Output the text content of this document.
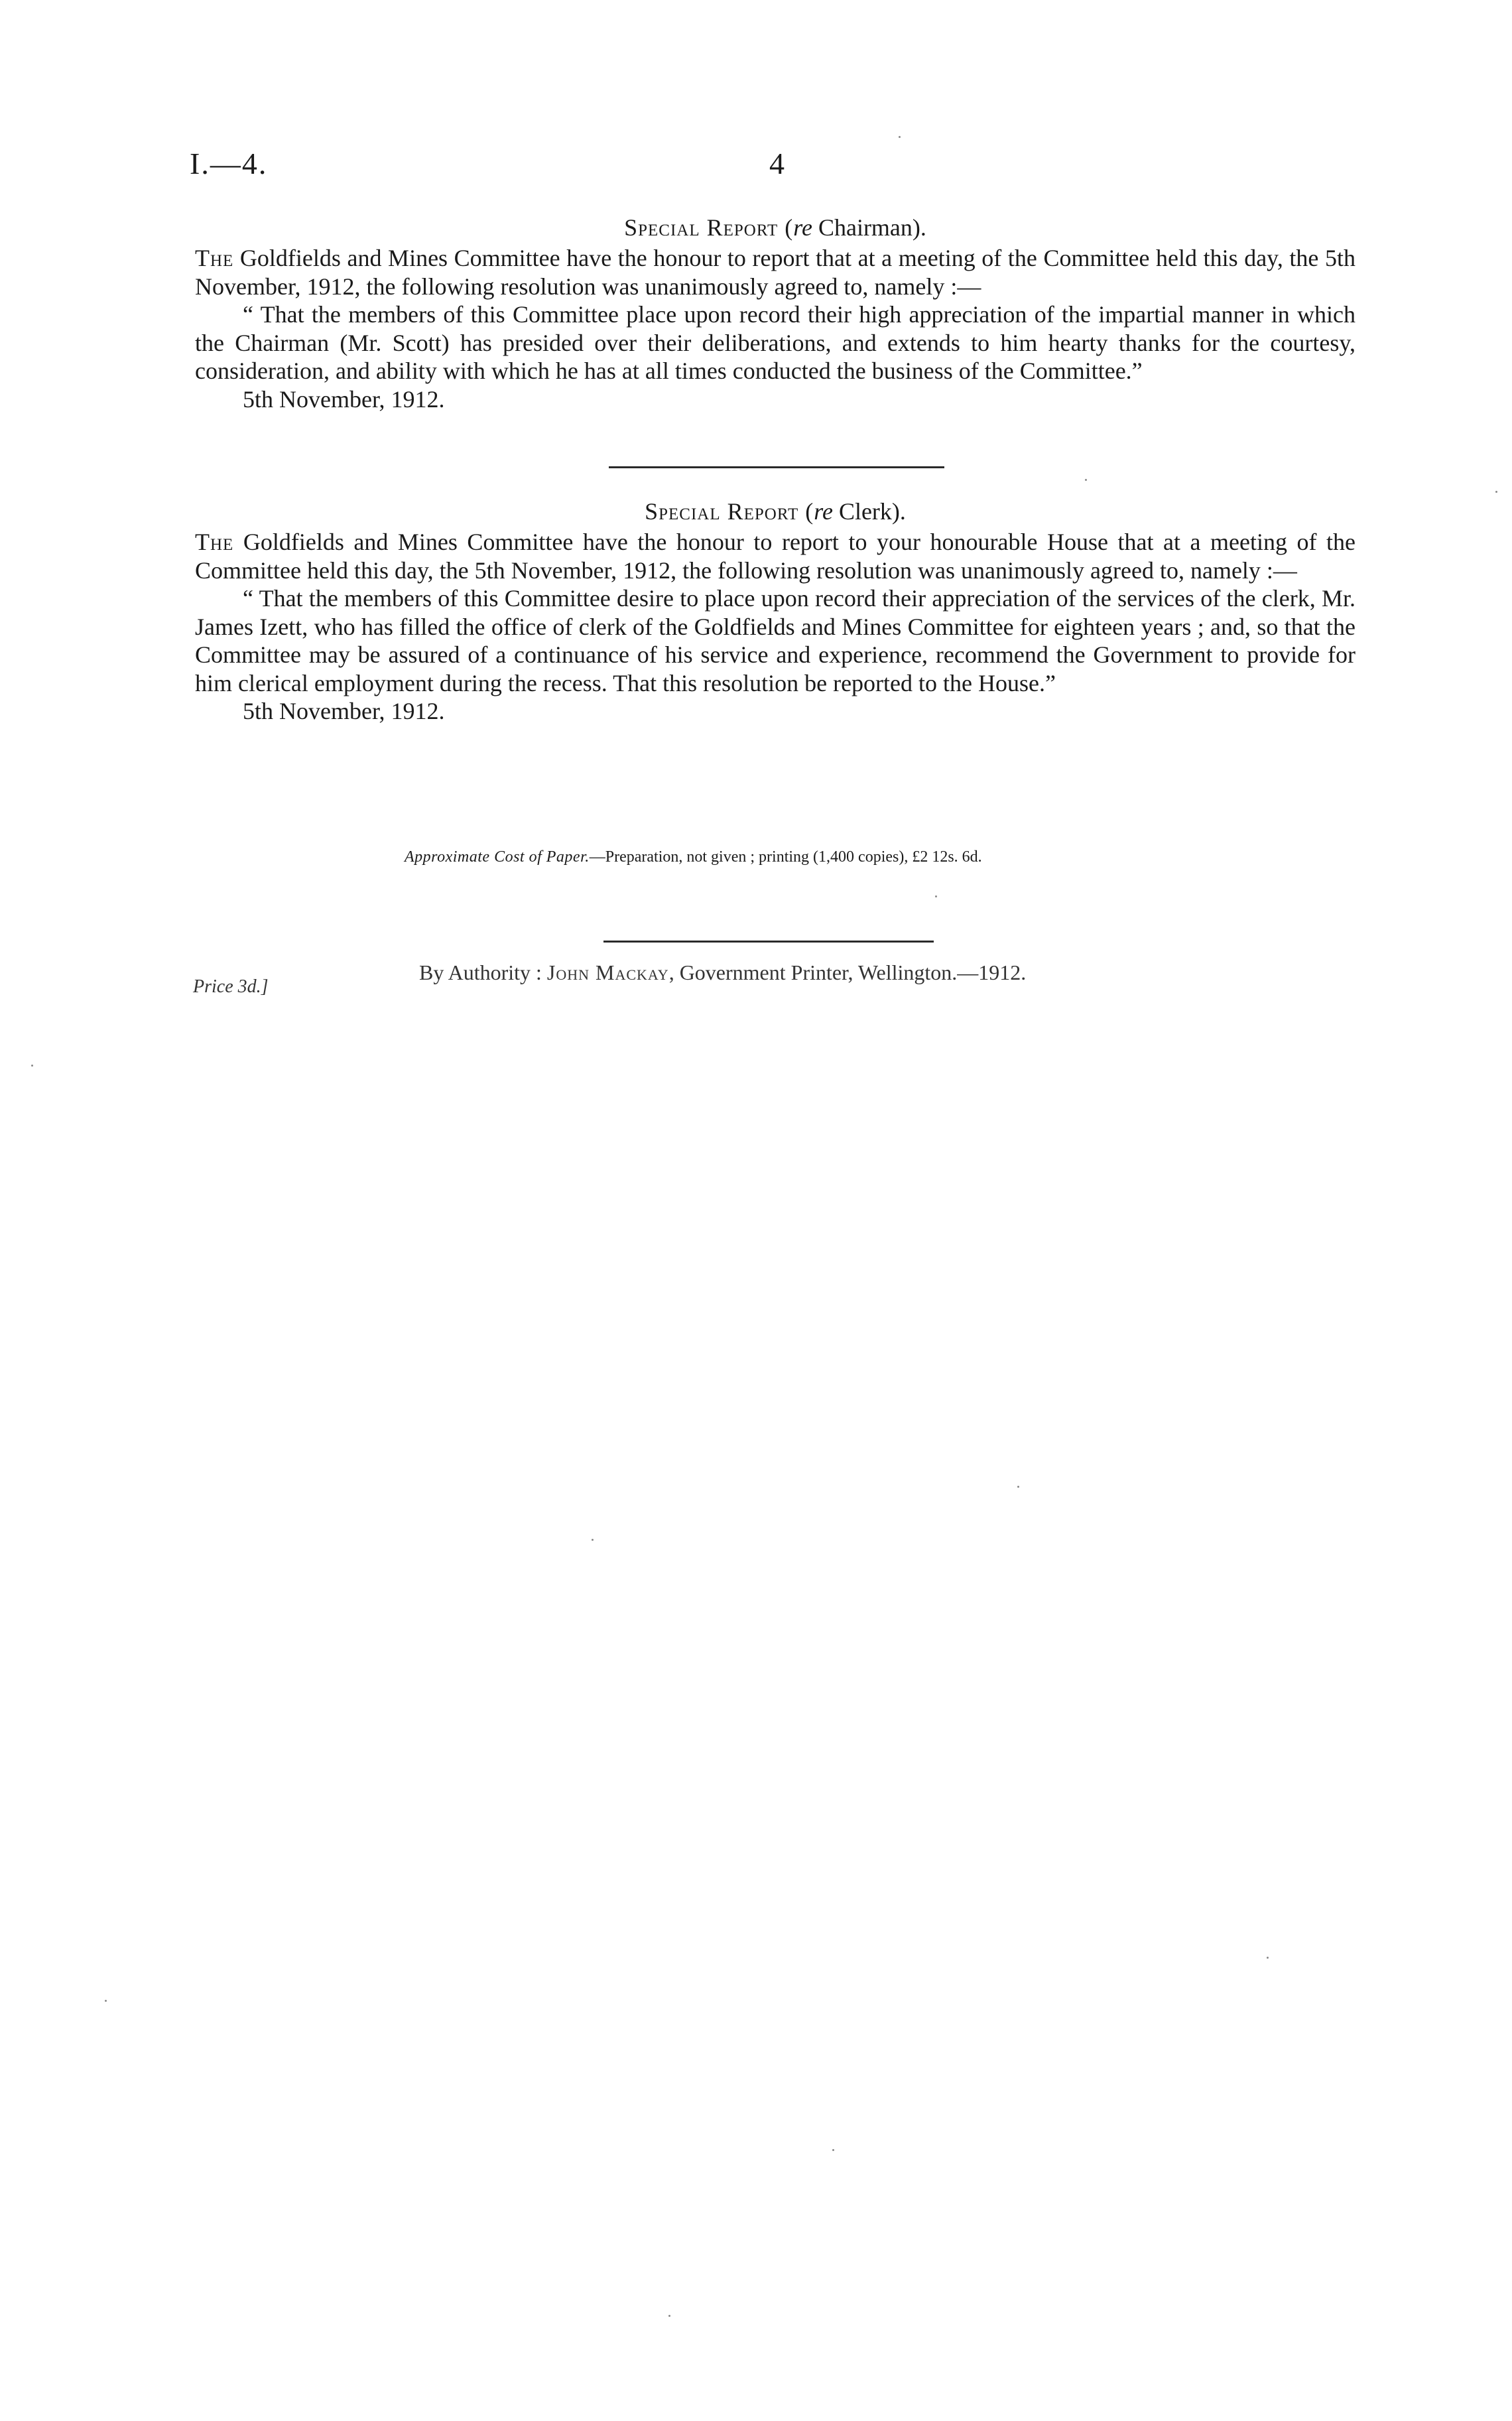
I.—4.	4
Special Report (re Chairman).

The Goldfields and Mines Committee have the honour to report that at a meeting of the Committee held this day, the 5th November, 1912, the following resolution was unanimously agreed to, namely :—

“ That the members of this Committee place upon record their high appreciation of the impartial manner in which the Chairman (Mr. Scott) has presided over their deliberations, and extends to him hearty thanks for the courtesy, consideration, and ability with which he has at all times conducted the business of the Committee.”

5th November, 1912.

Special Report (re Clerk).

The Goldfields and Mines Committee have the honour to report to your honourable House that at a meeting of the Committee held this day, the 5th November, 1912, the following resolution was unanimously agreed to, namely :—

“ That the members of this Committee desire to place upon record their appreciation of the services of the clerk, Mr. James Izett, who has filled the office of clerk of the Goldfields and Mines Committee for eighteen years ; and, so that the Committee may be assured of a continuance of his service and experience, recommend the Government to provide for him clerical employment during the recess. That this resolution be reported to the House.”

5th November, 1912.

Approximate Cost of Paper.—Preparation, not given ; printing (1,400 copies), £2 12s. 6d.
By Authority : John Mackay, Government Printer, Wellington.—1912.
Price 3d.]
